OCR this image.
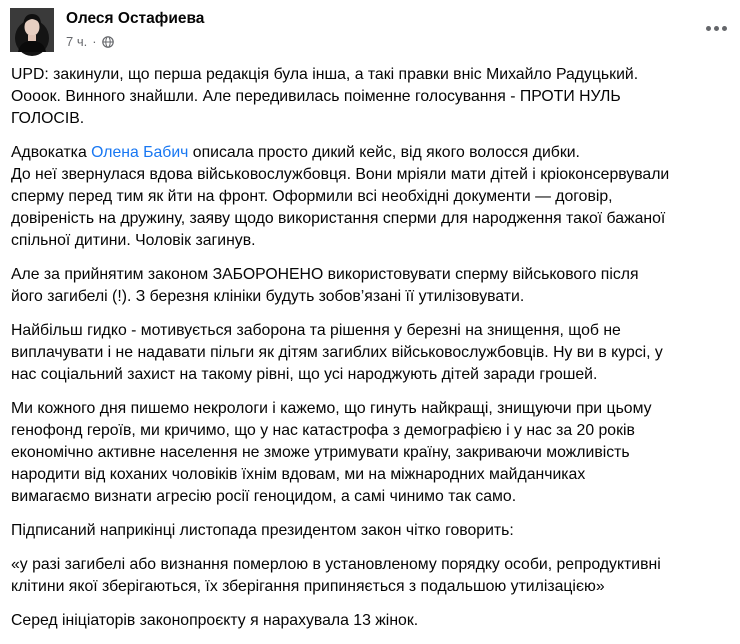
Олеся Остафиева
7 ч. ·

UPD: закинули, що перша редакція була інша, а такі правки вніс Михайло Радуцький.
Оооок. Винного знайшли. Але передивилась поіменне голосування - ПРОТИ НУЛЬ
ГОЛОСІВ.

Адвокатка Олена Бабич описала просто дикий кейс, від якого волосся дибки.
До неї звернулася вдова військовослужбовця. Вони мріяли мати дітей і кріоконсервували
сперму перед тим як йти на фронт. Оформили всі необхідні документи — договір,
довіреність на дружину, заяву щодо використання сперми для народження такої бажаної
спільної дитини. Чоловік загинув.

Але за прийнятим законом ЗАБОРОНЕНО використовувати сперму військового після
його загибелі (!). З березня клініки будуть зобов’язані її утилізовувати.

Найбільш гидко - мотивується заборона та рішення у березні на знищення, щоб не
виплачувати і не надавати пільги як дітям загиблих військовослужбовців. Ну ви в курсі, у
нас соціальний захист на такому рівні, що усі народжують дітей заради грошей.

Ми кожного дня пишемо некрологи і кажемо, що гинуть найкращі, знищуючи при цьому
генофонд героїв, ми кричимо, що у нас катастрофа з демографією і у нас за 20 років
економічно активне населення не зможе утримувати країну, закриваючи можливість
народити від коханих чоловіків їхнім вдовам, ми на міжнародних майданчиках
вимагаємо визнати агресію росії геноцидом, а самі чинимо так само.

Підписаний наприкінці листопада президентом закон чітко говорить:

«у разі загибелі або визнання померлою в установленому порядку особи, репродуктивні
клітини якої зберігаються, їх зберігання припиняється з подальшою утилізацією»

Серед ініціаторів законопроєкту я нарахувала 13 жінок.
